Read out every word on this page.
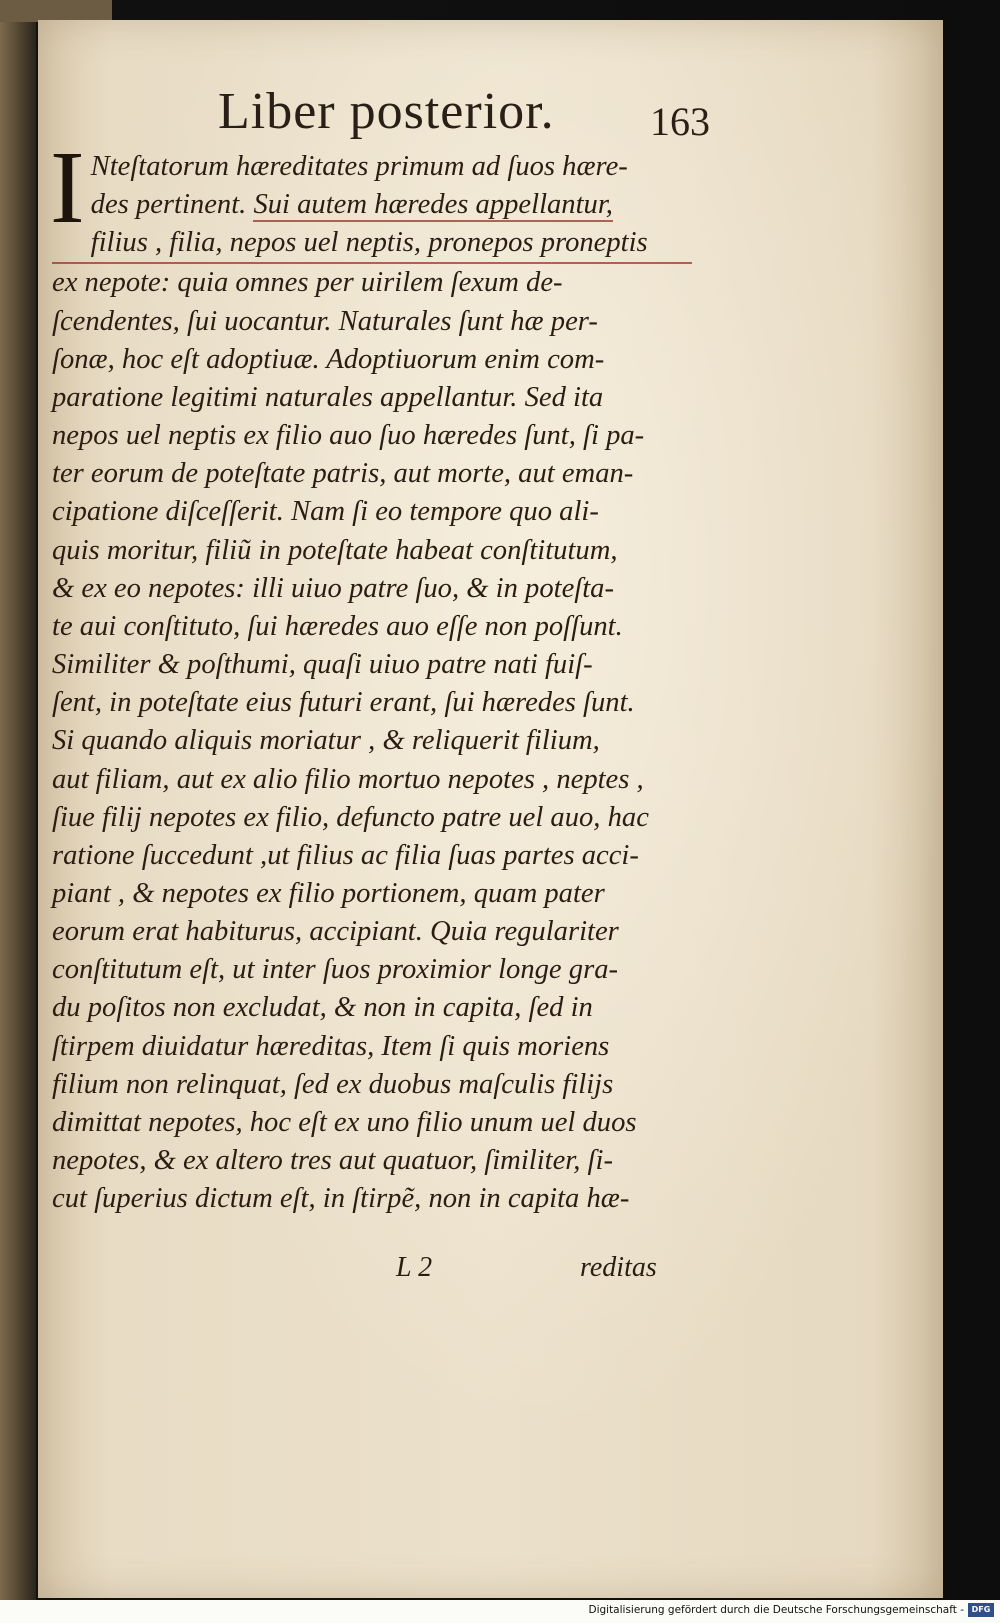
Liber posterior. 163
I Nteſtatorum hæreditates primum ad ſuos hære-
des pertinent. Sui autem hæredes appellantur,
filius , filia, nepos uel neptis, pronepos proneptis
ex nepote: quia omnes per uirilem ſexum de-
ſcendentes, ſui uocantur. Naturales ſunt hæ per-
ſonæ, hoc eſt adoptiuæ. Adoptiuorum enim com-
paratione legitimi naturales appellantur. Sed ita
nepos uel neptis ex filio auo ſuo hæredes ſunt, ſi pa-
ter eorum de poteſtate patris, aut morte, aut eman-
cipatione diſceſſerit. Nam ſi eo tempore quo ali-
quis moritur, filiũ in poteſtate habeat conſtitutum,
& ex eo nepotes: illi uiuo patre ſuo, & in poteſta-
te aui conſtituto, ſui hæredes auo eſſe non poſſunt.
Similiter & poſthumi, quaſi uiuo patre nati fuiſ-
ſent, in poteſtate eius futuri erant, ſui hæredes ſunt.
Si quando aliquis moriatur , & reliquerit filium,
aut filiam, aut ex alio filio mortuo nepotes , neptes ,
ſiue filij nepotes ex filio, defuncto patre uel auo, hac
ratione ſuccedunt ,ut filius ac filia ſuas partes acci-
piant , & nepotes ex filio portionem, quam pater
eorum erat habiturus, accipiant. Quia regulariter
conſtitutum eſt, ut inter ſuos proximior longe gra-
du poſitos non excludat, & non in capita, ſed in
ſtirpem diuidatur hæreditas, Item ſi quis moriens
filium non relinquat, ſed ex duobus maſculis filijs
dimittat nepotes, hoc eſt ex uno filio unum uel duos
nepotes, & ex altero tres aut quatuor, ſimiliter, ſi-
cut ſuperius dictum eſt, in ſtirpẽ, non in capita hæ-
L 2	reditas
Digitalisierung gefördert durch die Deutsche Forschungsgemeinschaft - DFG
